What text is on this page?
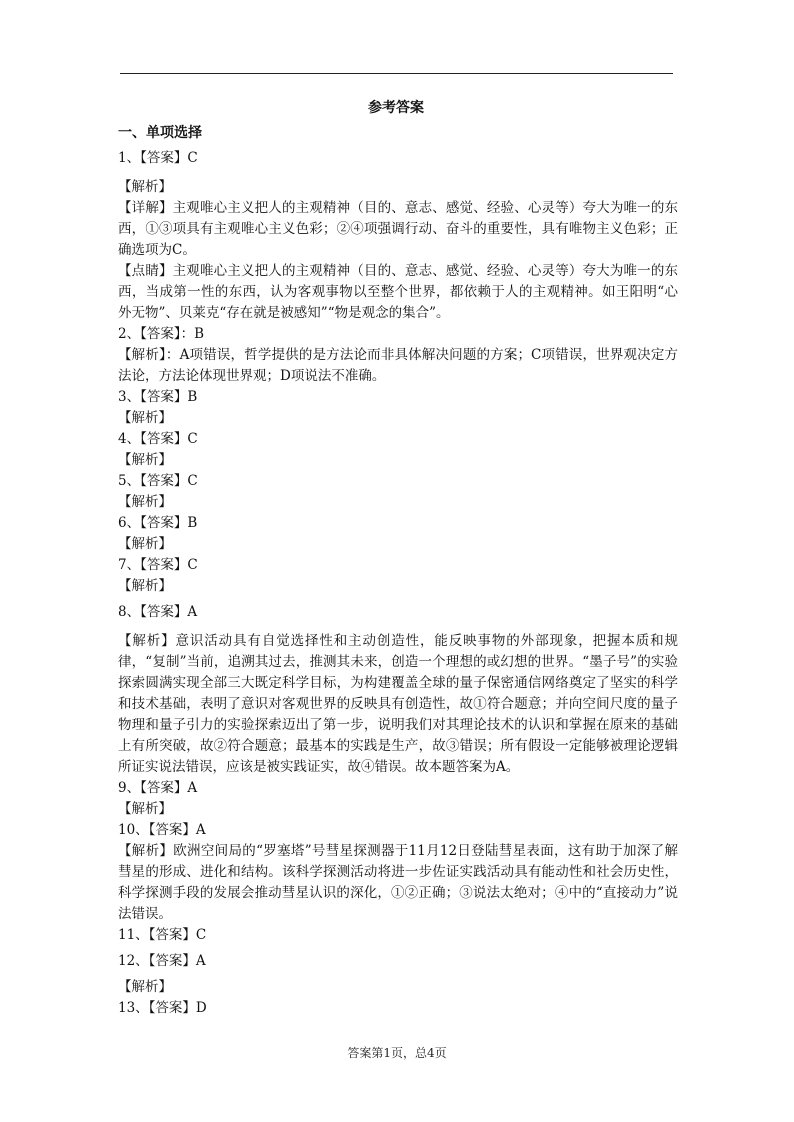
参考答案

一、单项选择

1、【答案】C

【解析】

【详解】主观唯心主义把人的主观精神（目的、意志、感觉、经验、心灵等）夸大为唯一的东西，①③项具有主观唯心主义色彩；②④项强调行动、奋斗的重要性，具有唯物主义色彩；正确选项为C。

【点睛】主观唯心主义把人的主观精神（目的、意志、感觉、经验、心灵等）夸大为唯一的东西，当成第一性的东西，认为客观事物以至整个世界，都依赖于人的主观精神。如王阳明“心外无物”、贝莱克“存在就是被感知”“物是观念的集合”。

2、【答案】：B

【解析】：A项错误，哲学提供的是方法论而非具体解决问题的方案；C项错误，世界观决定方法论，方法论体现世界观；D项说法不准确。

3、【答案】B

【解析】

4、【答案】C

【解析】

5、【答案】C

【解析】

6、【答案】B

【解析】

7、【答案】C

【解析】

8、【答案】A

【解析】意识活动具有自觉选择性和主动创造性，能反映事物的外部现象，把握本质和规律，“复制”当前，追溯其过去，推测其未来，创造一个理想的或幻想的世界。“墨子号”的实验探索圆满实现全部三大既定科学目标，为构建覆盖全球的量子保密通信网络奠定了坚实的科学和技术基础，表明了意识对客观世界的反映具有创造性，故①符合题意；并向空间尺度的量子物理和量子引力的实验探索迈出了第一步，说明我们对其理论技术的认识和掌握在原来的基础上有所突破，故②符合题意；最基本的实践是生产，故③错误；所有假设一定能够被理论逻辑所证实说法错误，应该是被实践证实，故④错误。故本题答案为A。

9、【答案】A

【解析】

10、【答案】A

【解析】欧洲空间局的“罗塞塔”号彗星探测器于11月12日登陆彗星表面，这有助于加深了解彗星的形成、进化和结构。该科学探测活动将进一步佐证实践活动具有能动性和社会历史性，科学探测手段的发展会推动彗星认识的深化，①②正确；③说法太绝对；④中的“直接动力”说法错误。

11、【答案】C

12、【答案】A

【解析】

13、【答案】D

答案第1页，总4页
